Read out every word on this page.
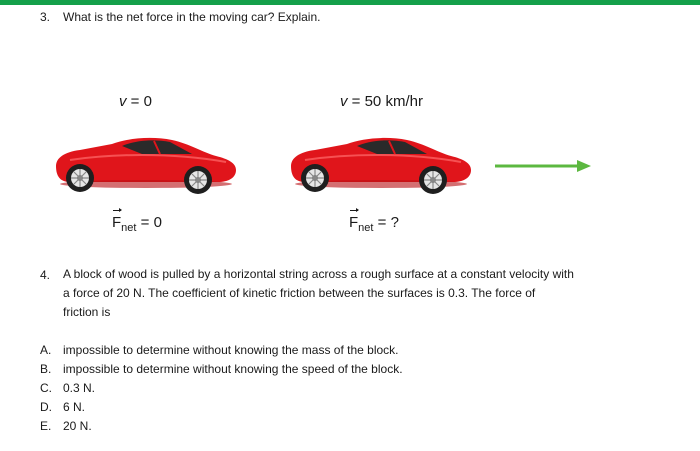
3.	What is the net force in the moving car? Explain.
v = 0	v = 50 km/hr
$F_{net} = 0$	$F_{net}$ = ?
4.	A block of wood is pulled by a horizontal string across a rough surface at a constant velocity with
a force of 20 N. The coefficient of kinetic friction between the surfaces is 0.3. The force of
friction is
A. impossible to determine without knowing the mass of the block.
B. impossible to determine without knowing the speed of the block.
C. 0.3 N.
D. 6 N.
E. 20 N.
